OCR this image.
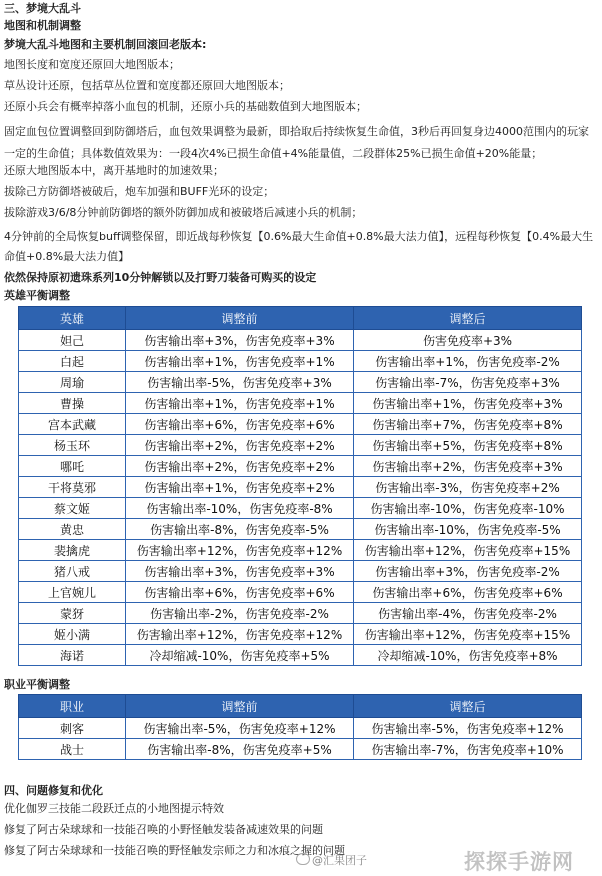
三、梦境大乱斗
地图和机制调整
梦境大乱斗地图和主要机制回滚回老版本:
地图长度和宽度还原回大地图版本；
草丛设计还原，包括草丛位置和宽度都还原回大地图版本；
还原小兵会有概率掉落小血包的机制，还原小兵的基础数值到大地图版本；
固定血包位置调整回到防御塔后，血包效果调整为最新，即拾取后持续恢复生命值，3秒后再回复身边4000范围内的玩家一定的生命值；具体数值效果为：一段4次4%已损生命值+4%能量值，二段群体25%已损生命值+20%能量；
还原大地图版本中，离开基地时的加速效果；
拔除己方防御塔被破后，炮车加强和BUFF光环的设定；
拔除游戏3/6/8分钟前防御塔的额外防御加成和被破塔后减速小兵的机制；
4分钟前的全局恢复buff调整保留，即近战每秒恢复【0.6%最大生命值+0.8%最大法力值】，远程每秒恢复【0.4%最大生命值+0.8%最大法力值】
依然保持原初遗珠系列10分钟解锁以及打野刀装备可购买的设定
英雄平衡调整
英雄	调整前	调整后
妲己	伤害输出率+3%，伤害免疫率+3%	伤害免疫率+3%
白起	伤害输出率+1%，伤害免疫率+1%	伤害输出率+1%，伤害免疫率-2%
周瑜	伤害输出率-5%，伤害免疫率+3%	伤害输出率-7%，伤害免疫率+3%
曹操	伤害输出率+1%，伤害免疫率+1%	伤害输出率+1%，伤害免疫率+3%
宫本武藏	伤害输出率+6%，伤害免疫率+6%	伤害输出率+7%，伤害免疫率+8%
杨玉环	伤害输出率+2%，伤害免疫率+2%	伤害输出率+5%，伤害免疫率+8%
哪吒	伤害输出率+2%，伤害免疫率+2%	伤害输出率+2%，伤害免疫率+3%
干将莫邪	伤害输出率+1%，伤害免疫率+2%	伤害输出率-3%，伤害免疫率+2%
蔡文姬	伤害输出率-10%，伤害免疫率-8%	伤害输出率-10%，伤害免疫率-10%
黄忠	伤害输出率-8%，伤害免疫率-5%	伤害输出率-10%，伤害免疫率-5%
裴擒虎	伤害输出率+12%，伤害免疫率+12%	伤害输出率+12%，伤害免疫率+15%
猪八戒	伤害输出率+3%，伤害免疫率+3%	伤害输出率+3%，伤害免疫率-2%
上官婉儿	伤害输出率+6%，伤害免疫率+6%	伤害输出率+6%，伤害免疫率+6%
蒙犽	伤害输出率-2%，伤害免疫率-2%	伤害输出率-4%，伤害免疫率-2%
姬小满	伤害输出率+12%，伤害免疫率+12%	伤害输出率+12%，伤害免疫率+15%
海诺	冷却缩减-10%，伤害免疫率+5%	冷却缩减-10%，伤害免疫率+8%
职业平衡调整
职业	调整前	调整后
刺客	伤害输出率-5%，伤害免疫率+12%	伤害输出率-5%，伤害免疫率+12%
战士	伤害输出率-8%，伤害免疫率+5%	伤害输出率-7%，伤害免疫率+10%
四、问题修复和优化
优化伽罗三技能二段跃迁点的小地图提示特效
修复了阿古朵球球和一技能召唤的小野怪触发装备减速效果的问题
修复了阿古朵球球和一技能召唤的野怪触发宗师之力和冰痕之握的问题
@汇果团子	探探手游网
